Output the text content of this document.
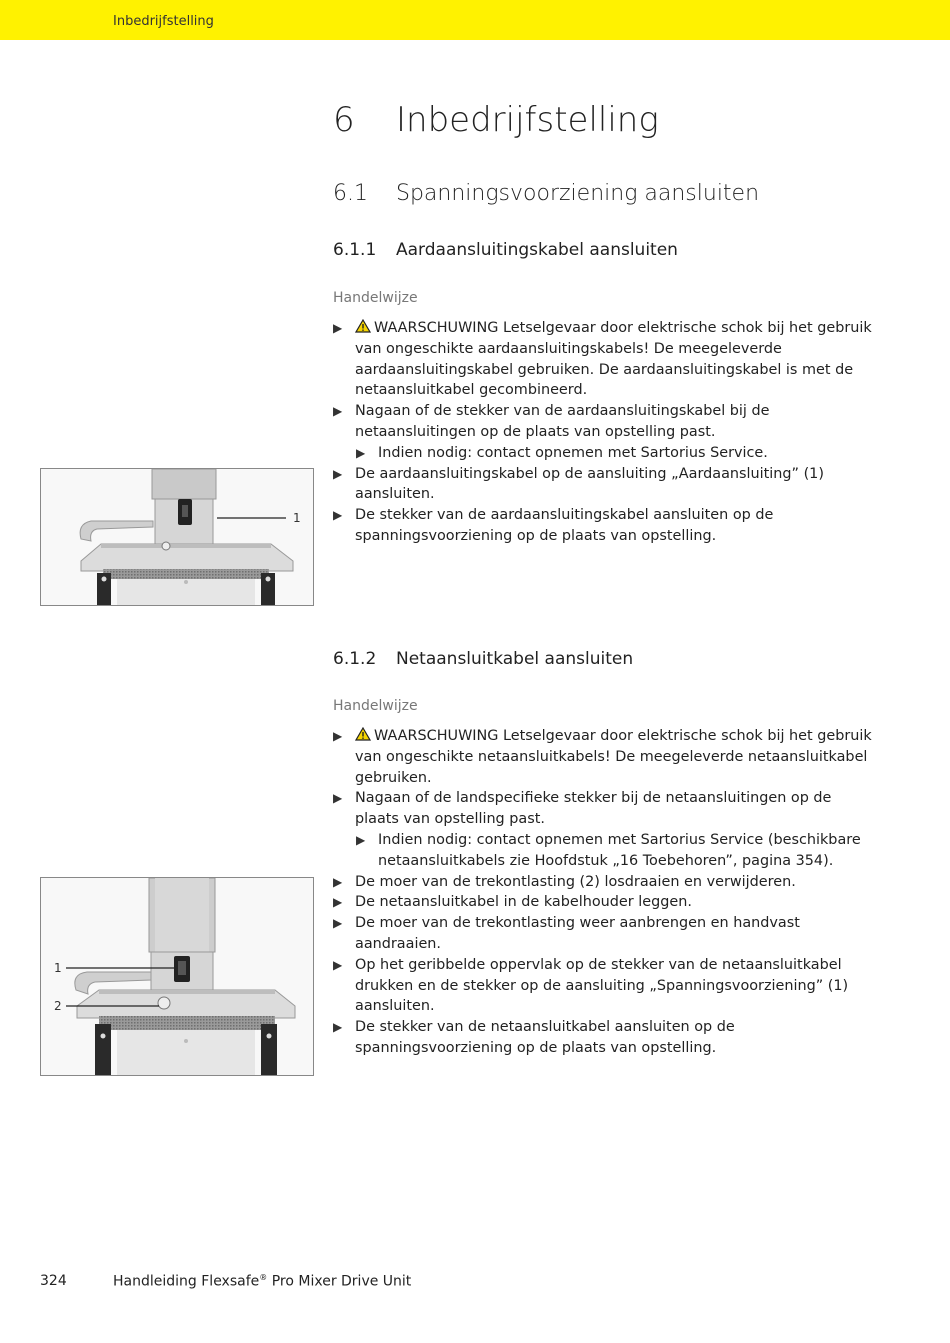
Inbedrijfstelling
6 Inbedrijfstelling
6.1 Spanningsvoorziening aansluiten
6.1.1 Aardaansluitingskabel aansluiten
Handelwijze
▶ WAARSCHUWING Letselgevaar door elektrische schok bij het gebruik van ongeschikte aardaansluitingskabels! De meegeleverde aardaansluitingskabel gebruiken. De aardaansluitingskabel is met de netaansluitkabel gecombineerd.
▶ Nagaan of de stekker van de aardaansluitingskabel bij de netaansluitingen op de plaats van opstelling past.
▶ Indien nodig: contact opnemen met Sartorius Service.
▶ De aardaansluitingskabel op de aansluiting „Aardaansluiting” (1) aansluiten.
▶ De stekker van de aardaansluitingskabel aansluiten op de spanningsvoorziening op de plaats van opstelling.
1
6.1.2 Netaansluitkabel aansluiten
Handelwijze
▶ WAARSCHUWING Letselgevaar door elektrische schok bij het gebruik van ongeschikte netaansluitkabels! De meegeleverde netaansluitkabel gebruiken.
▶ Nagaan of de landspecifieke stekker bij de netaansluitingen op de plaats van opstelling past.
▶ Indien nodig: contact opnemen met Sartorius Service (beschikbare netaansluitkabels zie Hoofdstuk „16 Toebehoren”, pagina 354).
▶ De moer van de trekontlasting (2) losdraaien en verwijderen.
▶ De netaansluitkabel in de kabelhouder leggen.
▶ De moer van de trekontlasting weer aanbrengen en handvast aandraaien.
▶ Op het geribbelde oppervlak op de stekker van de netaansluitkabel drukken en de stekker op de aansluiting „Spanningsvoorziening” (1) aansluiten.
▶ De stekker van de netaansluitkabel aansluiten op de spanningsvoorziening op de plaats van opstelling.
1
2
324	Handleiding Flexsafe® Pro Mixer Drive Unit
